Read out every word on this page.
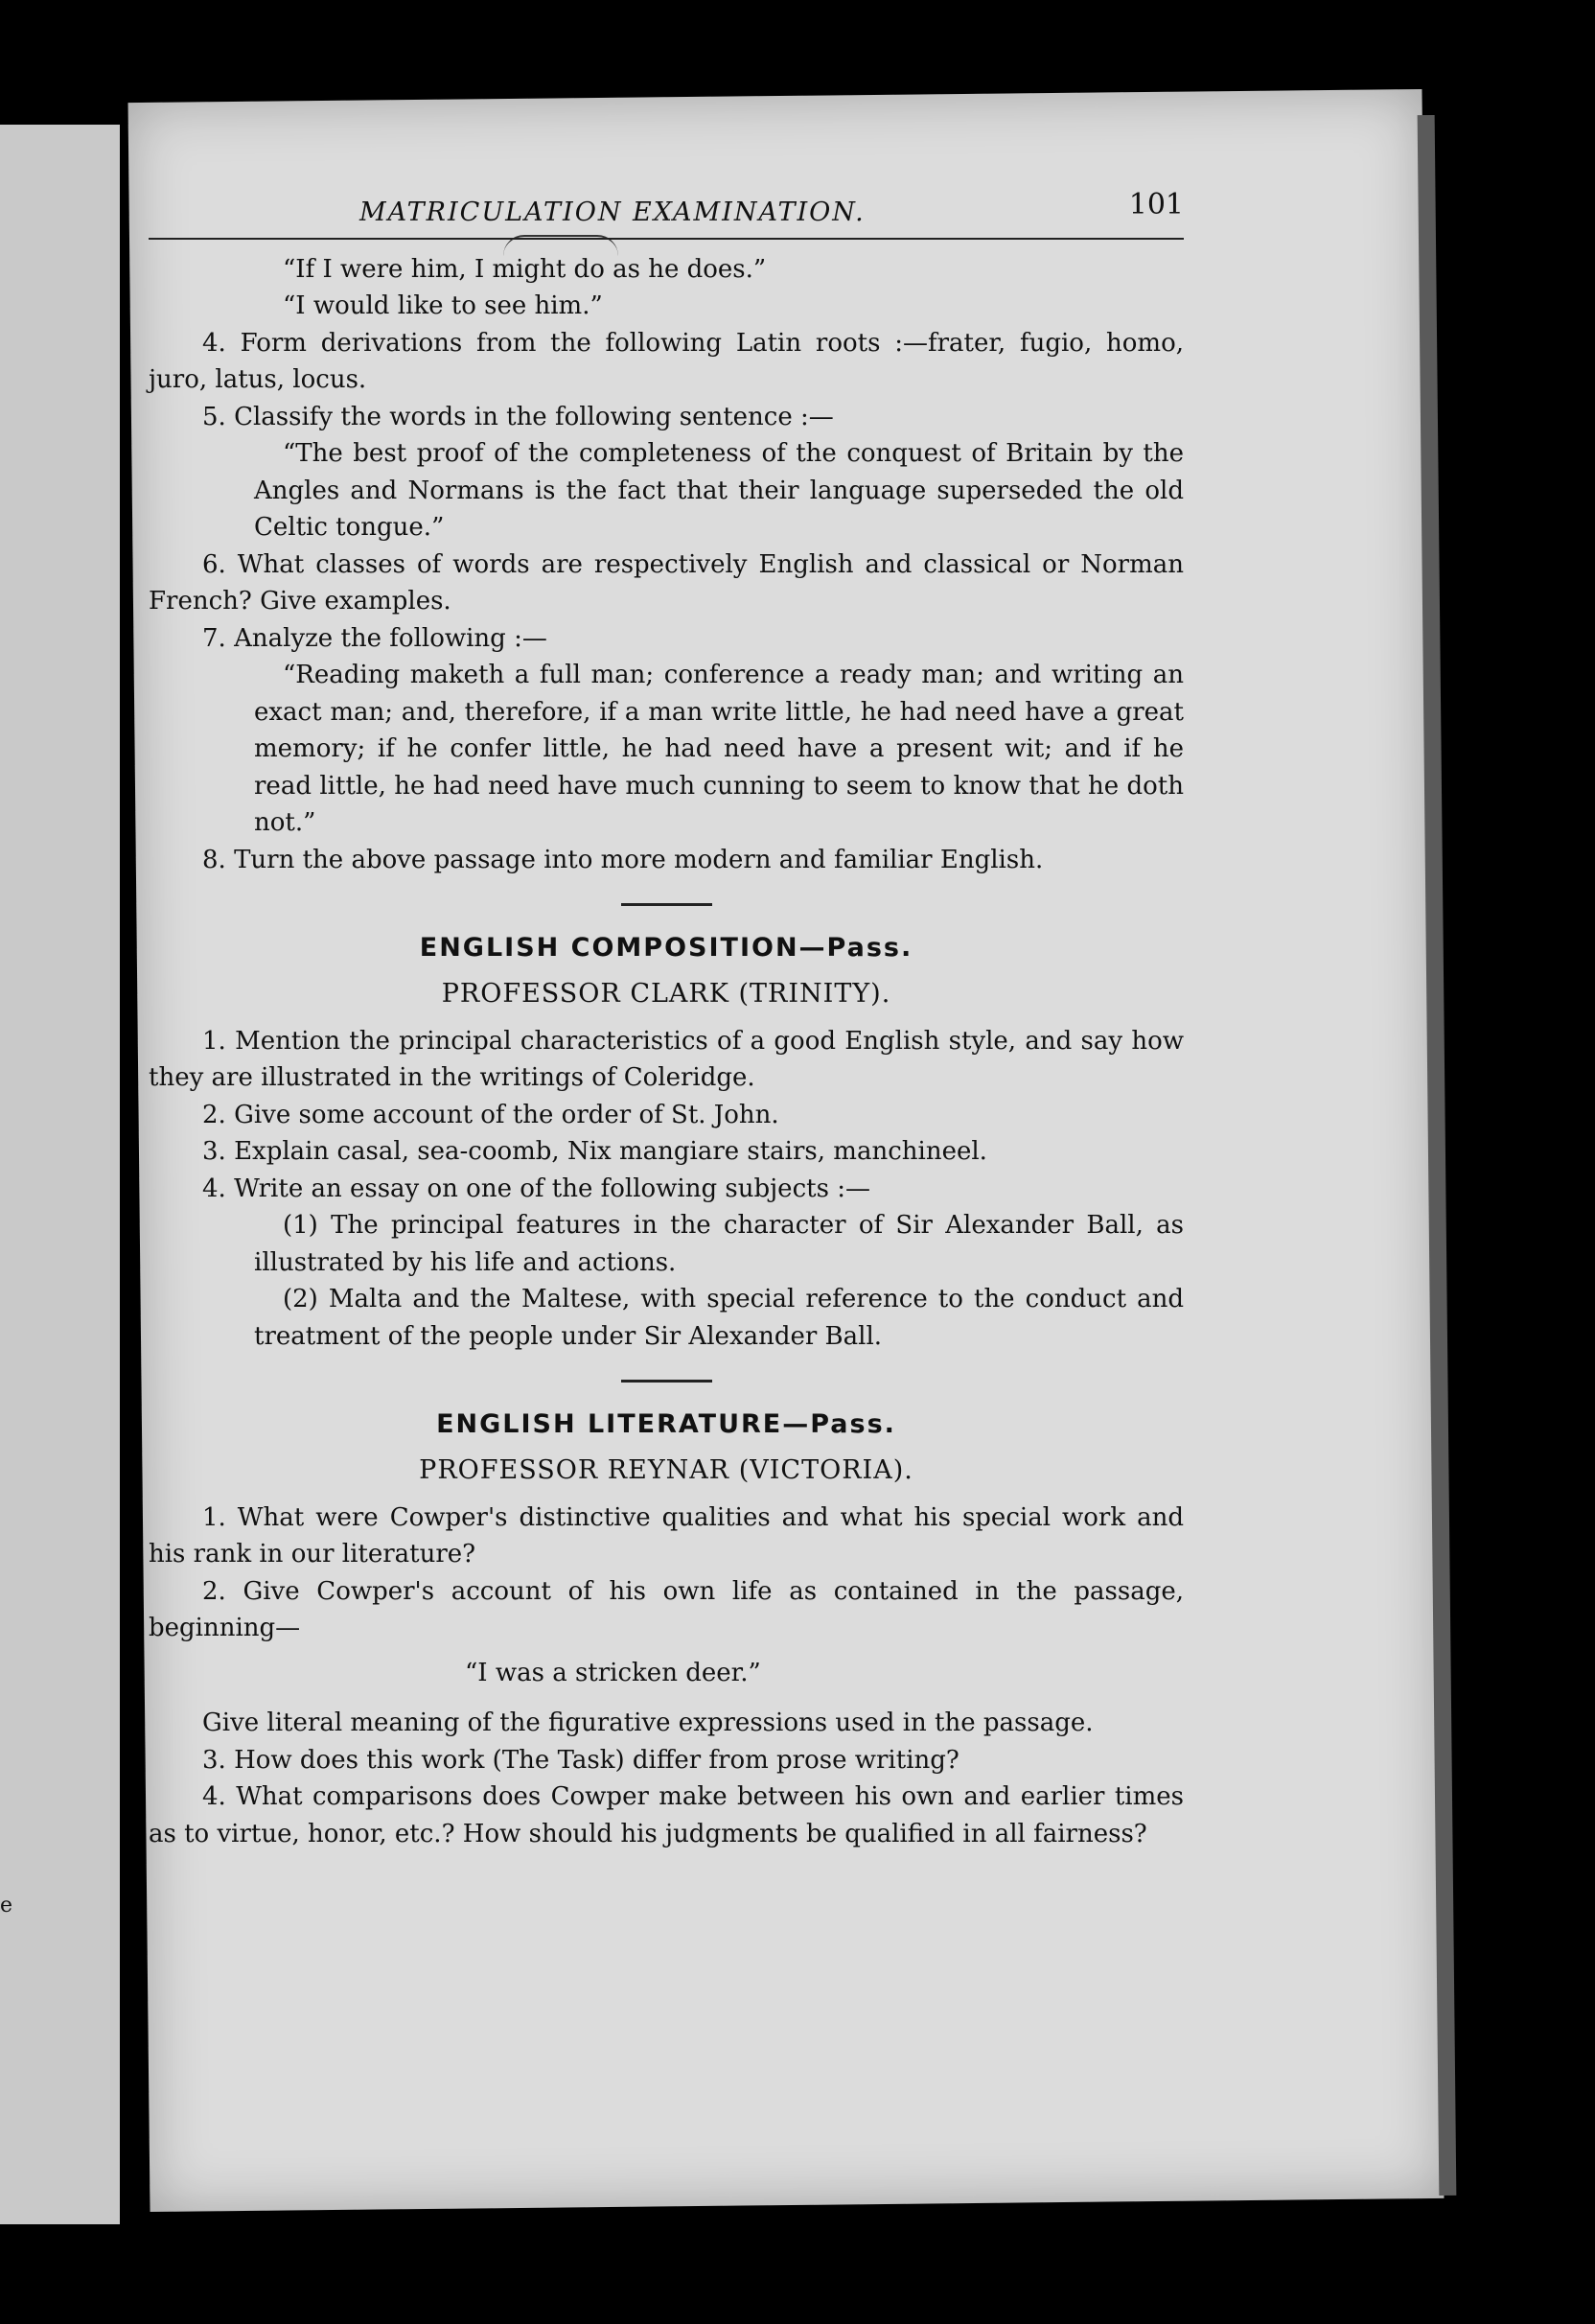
e
MATRICULATION EXAMINATION.	101

“If I were him, I might do as he does.”

“I would like to see him.”

4. Form derivations from the following Latin roots :—frater, fugio, homo, juro, latus, locus.

5. Classify the words in the following sentence :—

“The best proof of the completeness of the conquest of Britain by the Angles and Normans is the fact that their language superseded the old Celtic tongue.”

6. What classes of words are respectively English and classical or Norman French? Give examples.

7. Analyze the following :—

“Reading maketh a full man; conference a ready man; and writing an exact man; and, therefore, if a man write little, he had need have a great memory; if he confer little, he had need have a present wit; and if he read little, he had need have much cunning to seem to know that he doth not.”

8. Turn the above passage into more modern and familiar English.

ENGLISH COMPOSITION—Pass.

PROFESSOR CLARK (TRINITY).

1. Mention the principal characteristics of a good English style, and say how they are illustrated in the writings of Coleridge.

2. Give some account of the order of St. John.

3. Explain casal, sea-coomb, Nix mangiare stairs, manchineel.

4. Write an essay on one of the following subjects :—

(1) The principal features in the character of Sir Alexander Ball, as illustrated by his life and actions.

(2) Malta and the Maltese, with special reference to the conduct and treatment of the people under Sir Alexander Ball.

ENGLISH LITERATURE—Pass.

PROFESSOR REYNAR (VICTORIA).

1. What were Cowper's distinctive qualities and what his special work and his rank in our literature?

2. Give Cowper's account of his own life as contained in the passage, beginning—

“I was a stricken deer.”

Give literal meaning of the figurative expressions used in the passage.

3. How does this work (The Task) differ from prose writing?

4. What comparisons does Cowper make between his own and earlier times as to virtue, honor, etc.? How should his judgments be qualified in all fairness?
